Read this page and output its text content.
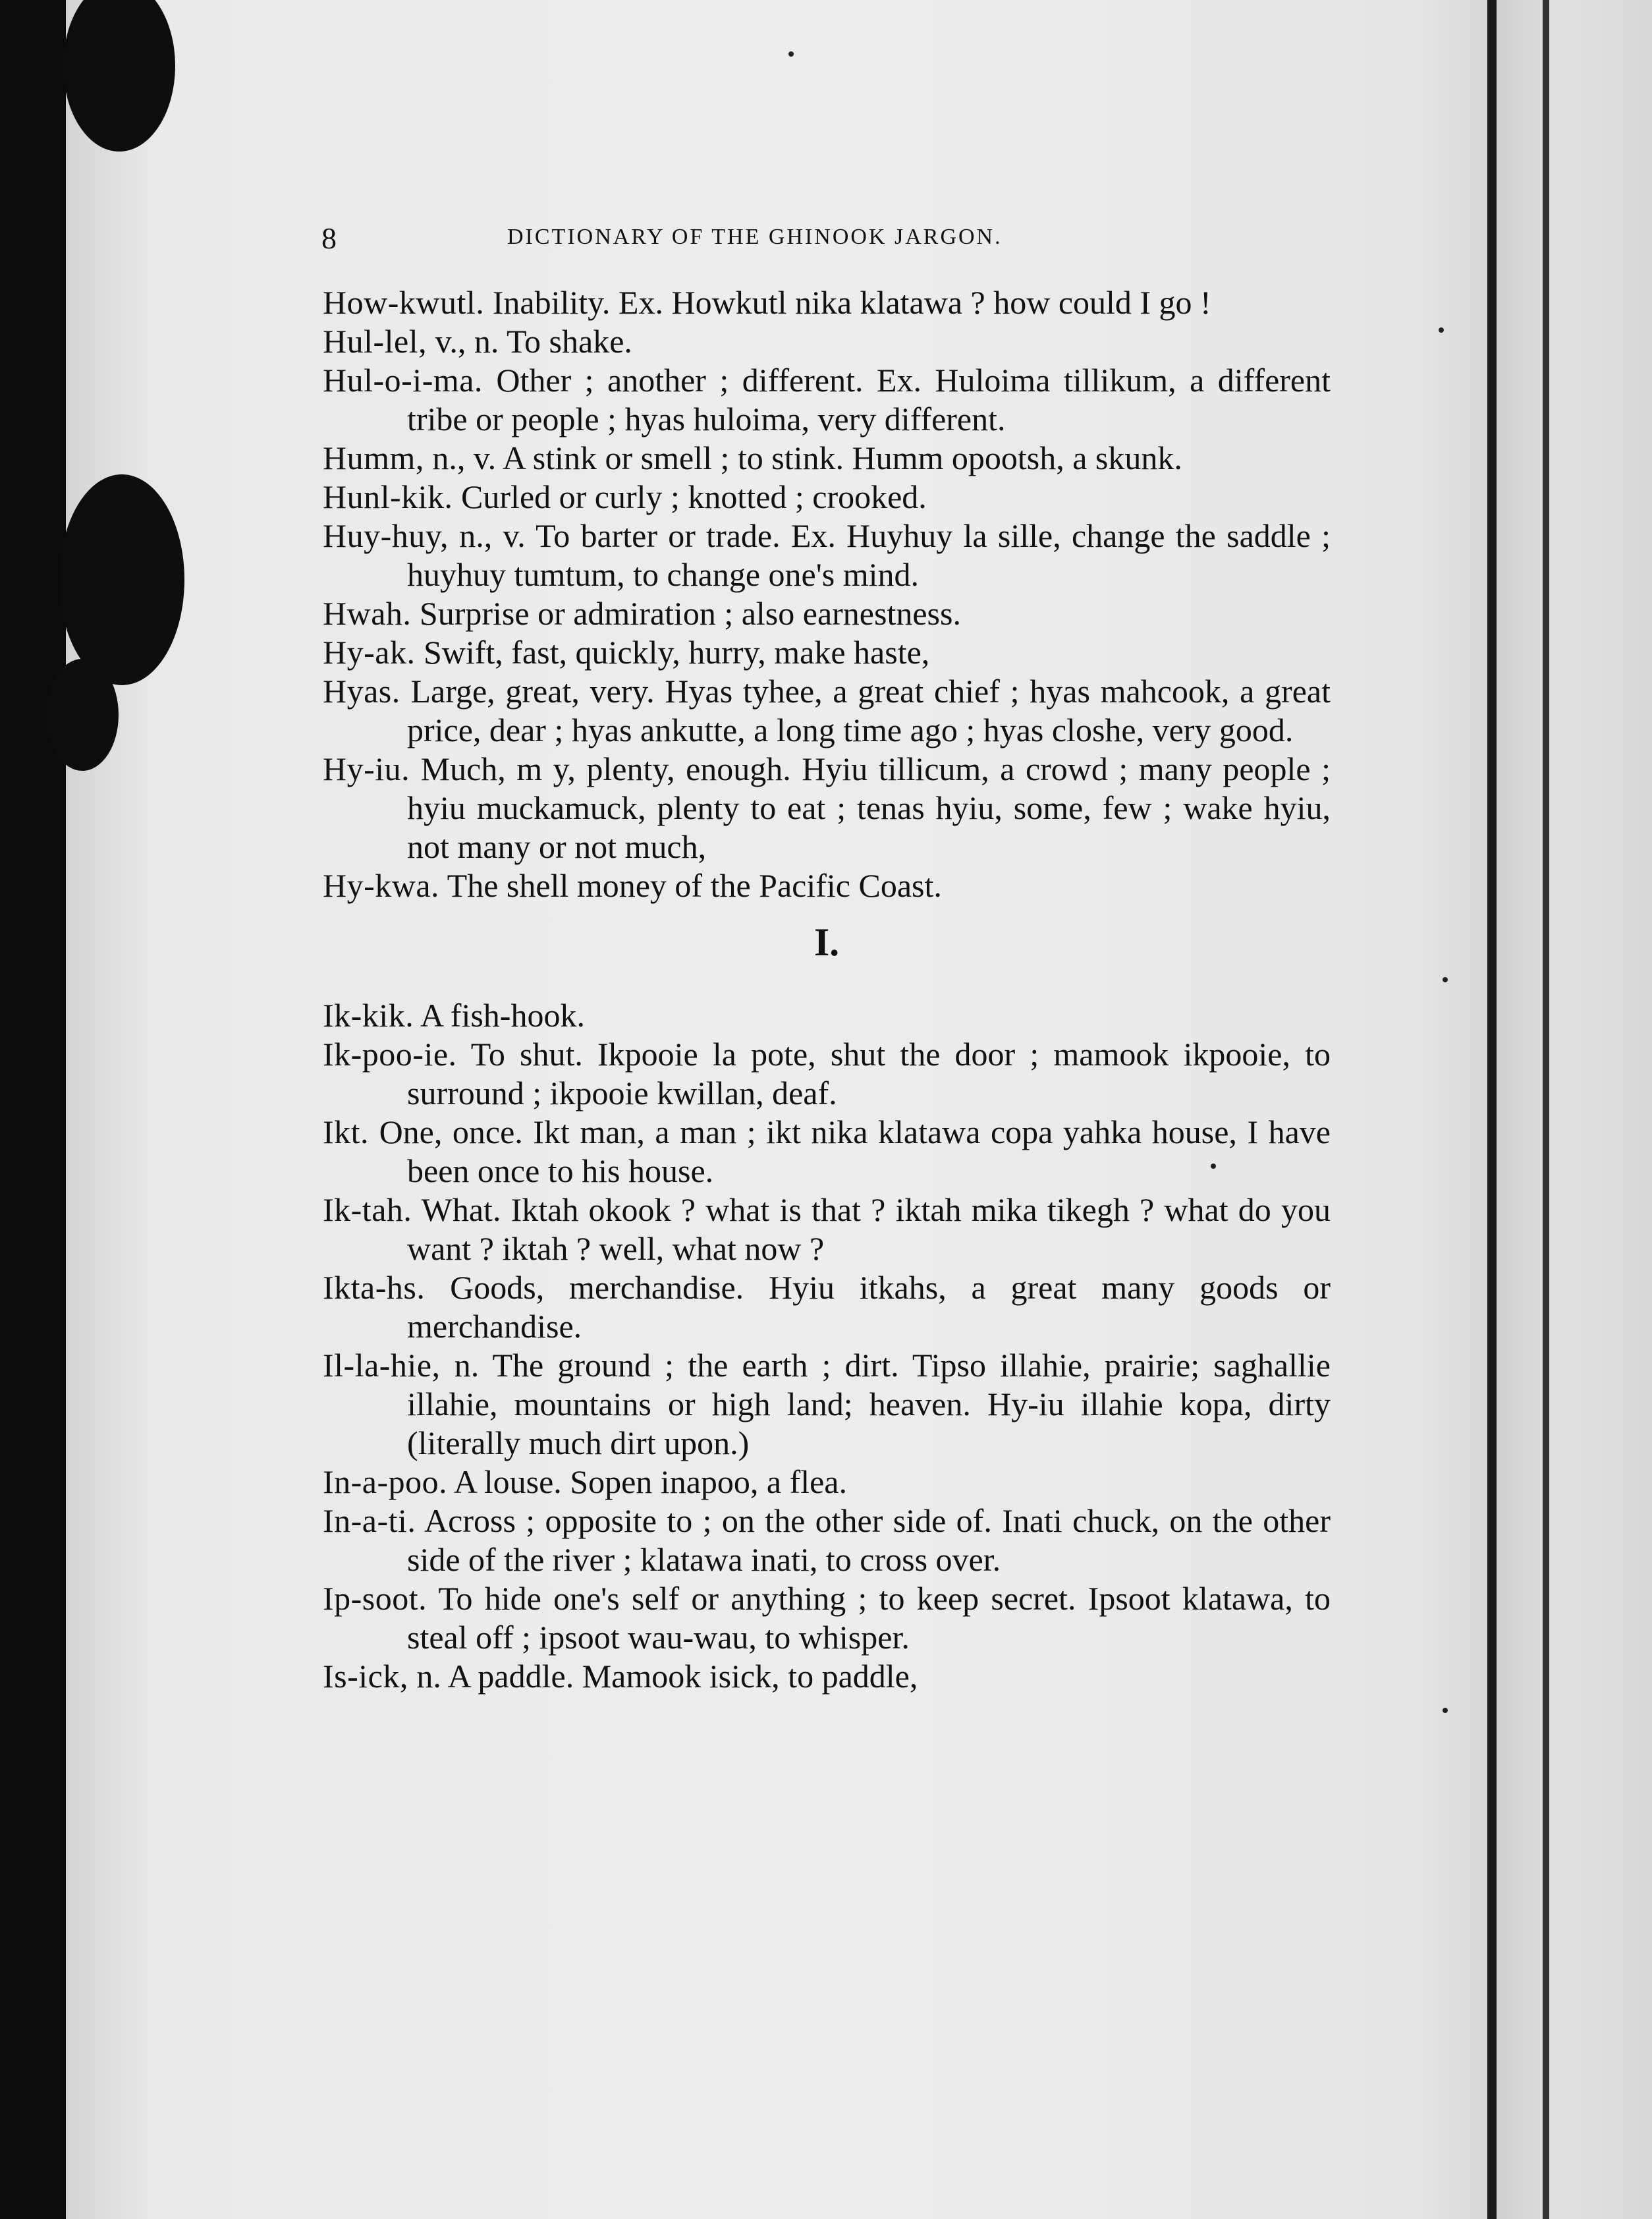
8	DICTIONARY OF THE GHINOOK JARGON.

How-kwutl. Inability. Ex. Howkutl nika klatawa ? how could I go !

Hul-lel, v., n. To shake.

Hul-o-i-ma. Other ; another ; different. Ex. Huloima tillikum, a different tribe or people ; hyas huloima, very different.

Humm, n., v. A stink or smell ; to stink. Humm opootsh, a skunk.

Hunl-kik. Curled or curly ; knotted ; crooked.

Huy-huy, n., v. To barter or trade. Ex. Huyhuy la sille, change the saddle ; huyhuy tumtum, to change one's mind.

Hwah. Surprise or admiration ; also earnestness.

Hy-ak. Swift, fast, quickly, hurry, make haste,

Hyas. Large, great, very. Hyas tyhee, a great chief ; hyas mahcook, a great price, dear ; hyas ankutte, a long time ago ; hyas closhe, very good.

Hy-iu. Much, m y, plenty, enough. Hyiu tillicum, a crowd ; many people ; hyiu muckamuck, plenty to eat ; tenas hyiu, some, few ; wake hyiu, not many or not much,

Hy-kwa. The shell money of the Pacific Coast.

I.

Ik-kik. A fish-hook.

Ik-poo-ie. To shut. Ikpooie la pote, shut the door ; mamook ikpooie, to surround ; ikpooie kwillan, deaf.

Ikt. One, once. Ikt man, a man ; ikt nika klatawa copa yahka house, I have been once to his house.

Ik-tah. What. Iktah okook ? what is that ? iktah mika tikegh ? what do you want ? iktah ? well, what now ?

Ikta-hs. Goods, merchandise. Hyiu itkahs, a great many goods or merchandise.

Il-la-hie, n. The ground ; the earth ; dirt. Tipso illahie, prairie; saghallie illahie, mountains or high land; heaven. Hy-iu illahie kopa, dirty (literally much dirt upon.)

In-a-poo. A louse. Sopen inapoo, a flea.

In-a-ti. Across ; opposite to ; on the other side of. Inati chuck, on the other side of the river ; klatawa inati, to cross over.

Ip-soot. To hide one's self or anything ; to keep secret. Ipsoot klatawa, to steal off ; ipsoot wau-wau, to whisper.

Is-ick, n. A paddle. Mamook isick, to paddle,
